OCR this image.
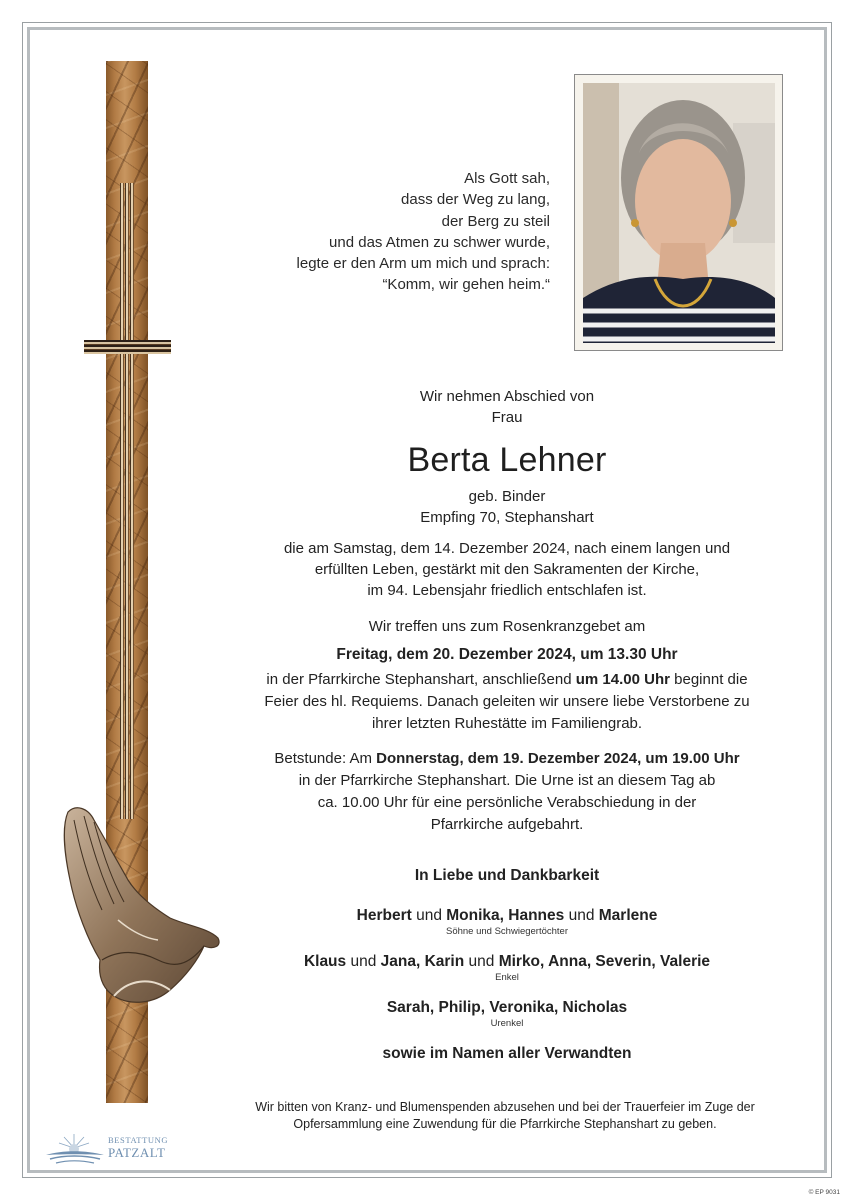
Als Gott sah,
dass der Weg zu lang,
der Berg zu steil
und das Atmen zu schwer wurde,
legte er den Arm um mich und sprach:
“Komm, wir gehen heim.“
Wir nehmen Abschied von
Frau
Berta Lehner
geb. Binder
Empfing 70, Stephanshart
die am Samstag, dem 14. Dezember 2024, nach einem langen und
erfüllten Leben, gestärkt mit den Sakramenten der Kirche,
im 94. Lebensjahr friedlich entschlafen ist.
Wir treffen uns zum Rosenkranzgebet am
Freitag, dem 20. Dezember 2024, um 13.30 Uhr
in der Pfarrkirche Stephanshart, anschließend um 14.00 Uhr beginnt die
Feier des hl. Requiems. Danach geleiten wir unsere liebe Verstorbene zu
ihrer letzten Ruhestätte im Familiengrab.
Betstunde: Am Donnerstag, dem 19. Dezember 2024, um 19.00 Uhr
in der Pfarrkirche Stephanshart. Die Urne ist an diesem Tag ab
ca. 10.00 Uhr für eine persönliche Verabschiedung in der
Pfarrkirche aufgebahrt.
In Liebe und Dankbarkeit
Herbert und Monika, Hannes und Marlene
Söhne und Schwiegertöchter
Klaus und Jana, Karin und Mirko, Anna, Severin, Valerie
Enkel
Sarah, Philip, Veronika, Nicholas
Urenkel
sowie im Namen aller Verwandten
Wir bitten von Kranz- und Blumenspenden abzusehen und bei der Trauerfeier im Zuge der
Opfersammlung eine Zuwendung für die Pfarrkirche Stephanshart zu geben.
BESTATTUNG
PATZALT
© EP 9031
